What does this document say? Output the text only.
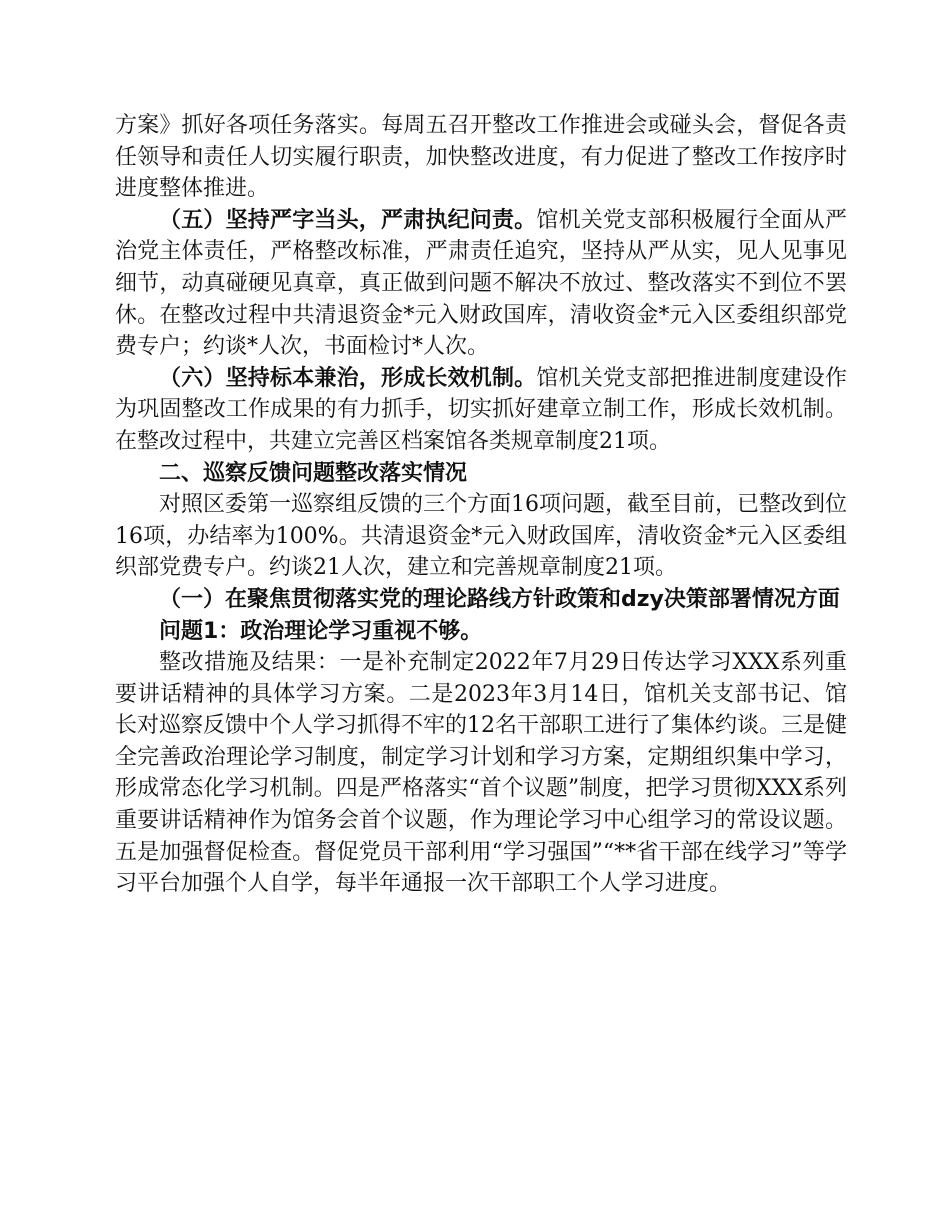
方案》抓好各项任务落实。每周五召开整改工作推进会或碰头会，督促各责任领导和责任人切实履行职责，加快整改进度，有力促进了整改工作按序时进度整体推进。

（五）坚持严字当头，严肃执纪问责。馆机关党支部积极履行全面从严治党主体责任，严格整改标准，严肃责任追究，坚持从严从实，见人见事见细节，动真碰硬见真章，真正做到问题不解决不放过、整改落实不到位不罢休。在整改过程中共清退资金*元入财政国库，清收资金*元入区委组织部党费专户；约谈*人次，书面检讨*人次。

（六）坚持标本兼治，形成长效机制。馆机关党支部把推进制度建设作为巩固整改工作成果的有力抓手，切实抓好建章立制工作，形成长效机制。在整改过程中，共建立完善区档案馆各类规章制度21项。

二、巡察反馈问题整改落实情况

对照区委第一巡察组反馈的三个方面16项问题，截至目前，已整改到位16项，办结率为100%。共清退资金*元入财政国库，清收资金*元入区委组织部党费专户。约谈21人次，建立和完善规章制度21项。

（一）在聚焦贯彻落实党的理论路线方针政策和dzy决策部署情况方面

问题1：政治理论学习重视不够。

整改措施及结果：一是补充制定2022年7月29日传达学习XXX系列重要讲话精神的具体学习方案。二是2023年3月14日，馆机关支部书记、馆长对巡察反馈中个人学习抓得不牢的12名干部职工进行了集体约谈。三是健全完善政治理论学习制度，制定学习计划和学习方案，定期组织集中学习，形成常态化学习机制。四是严格落实“首个议题”制度，把学习贯彻XXX系列重要讲话精神作为馆务会首个议题，作为理论学习中心组学习的常设议题。五是加强督促检查。督促党员干部利用“学习强国”“**省干部在线学习”等学习平台加强个人自学，每半年通报一次干部职工个人学习进度。
